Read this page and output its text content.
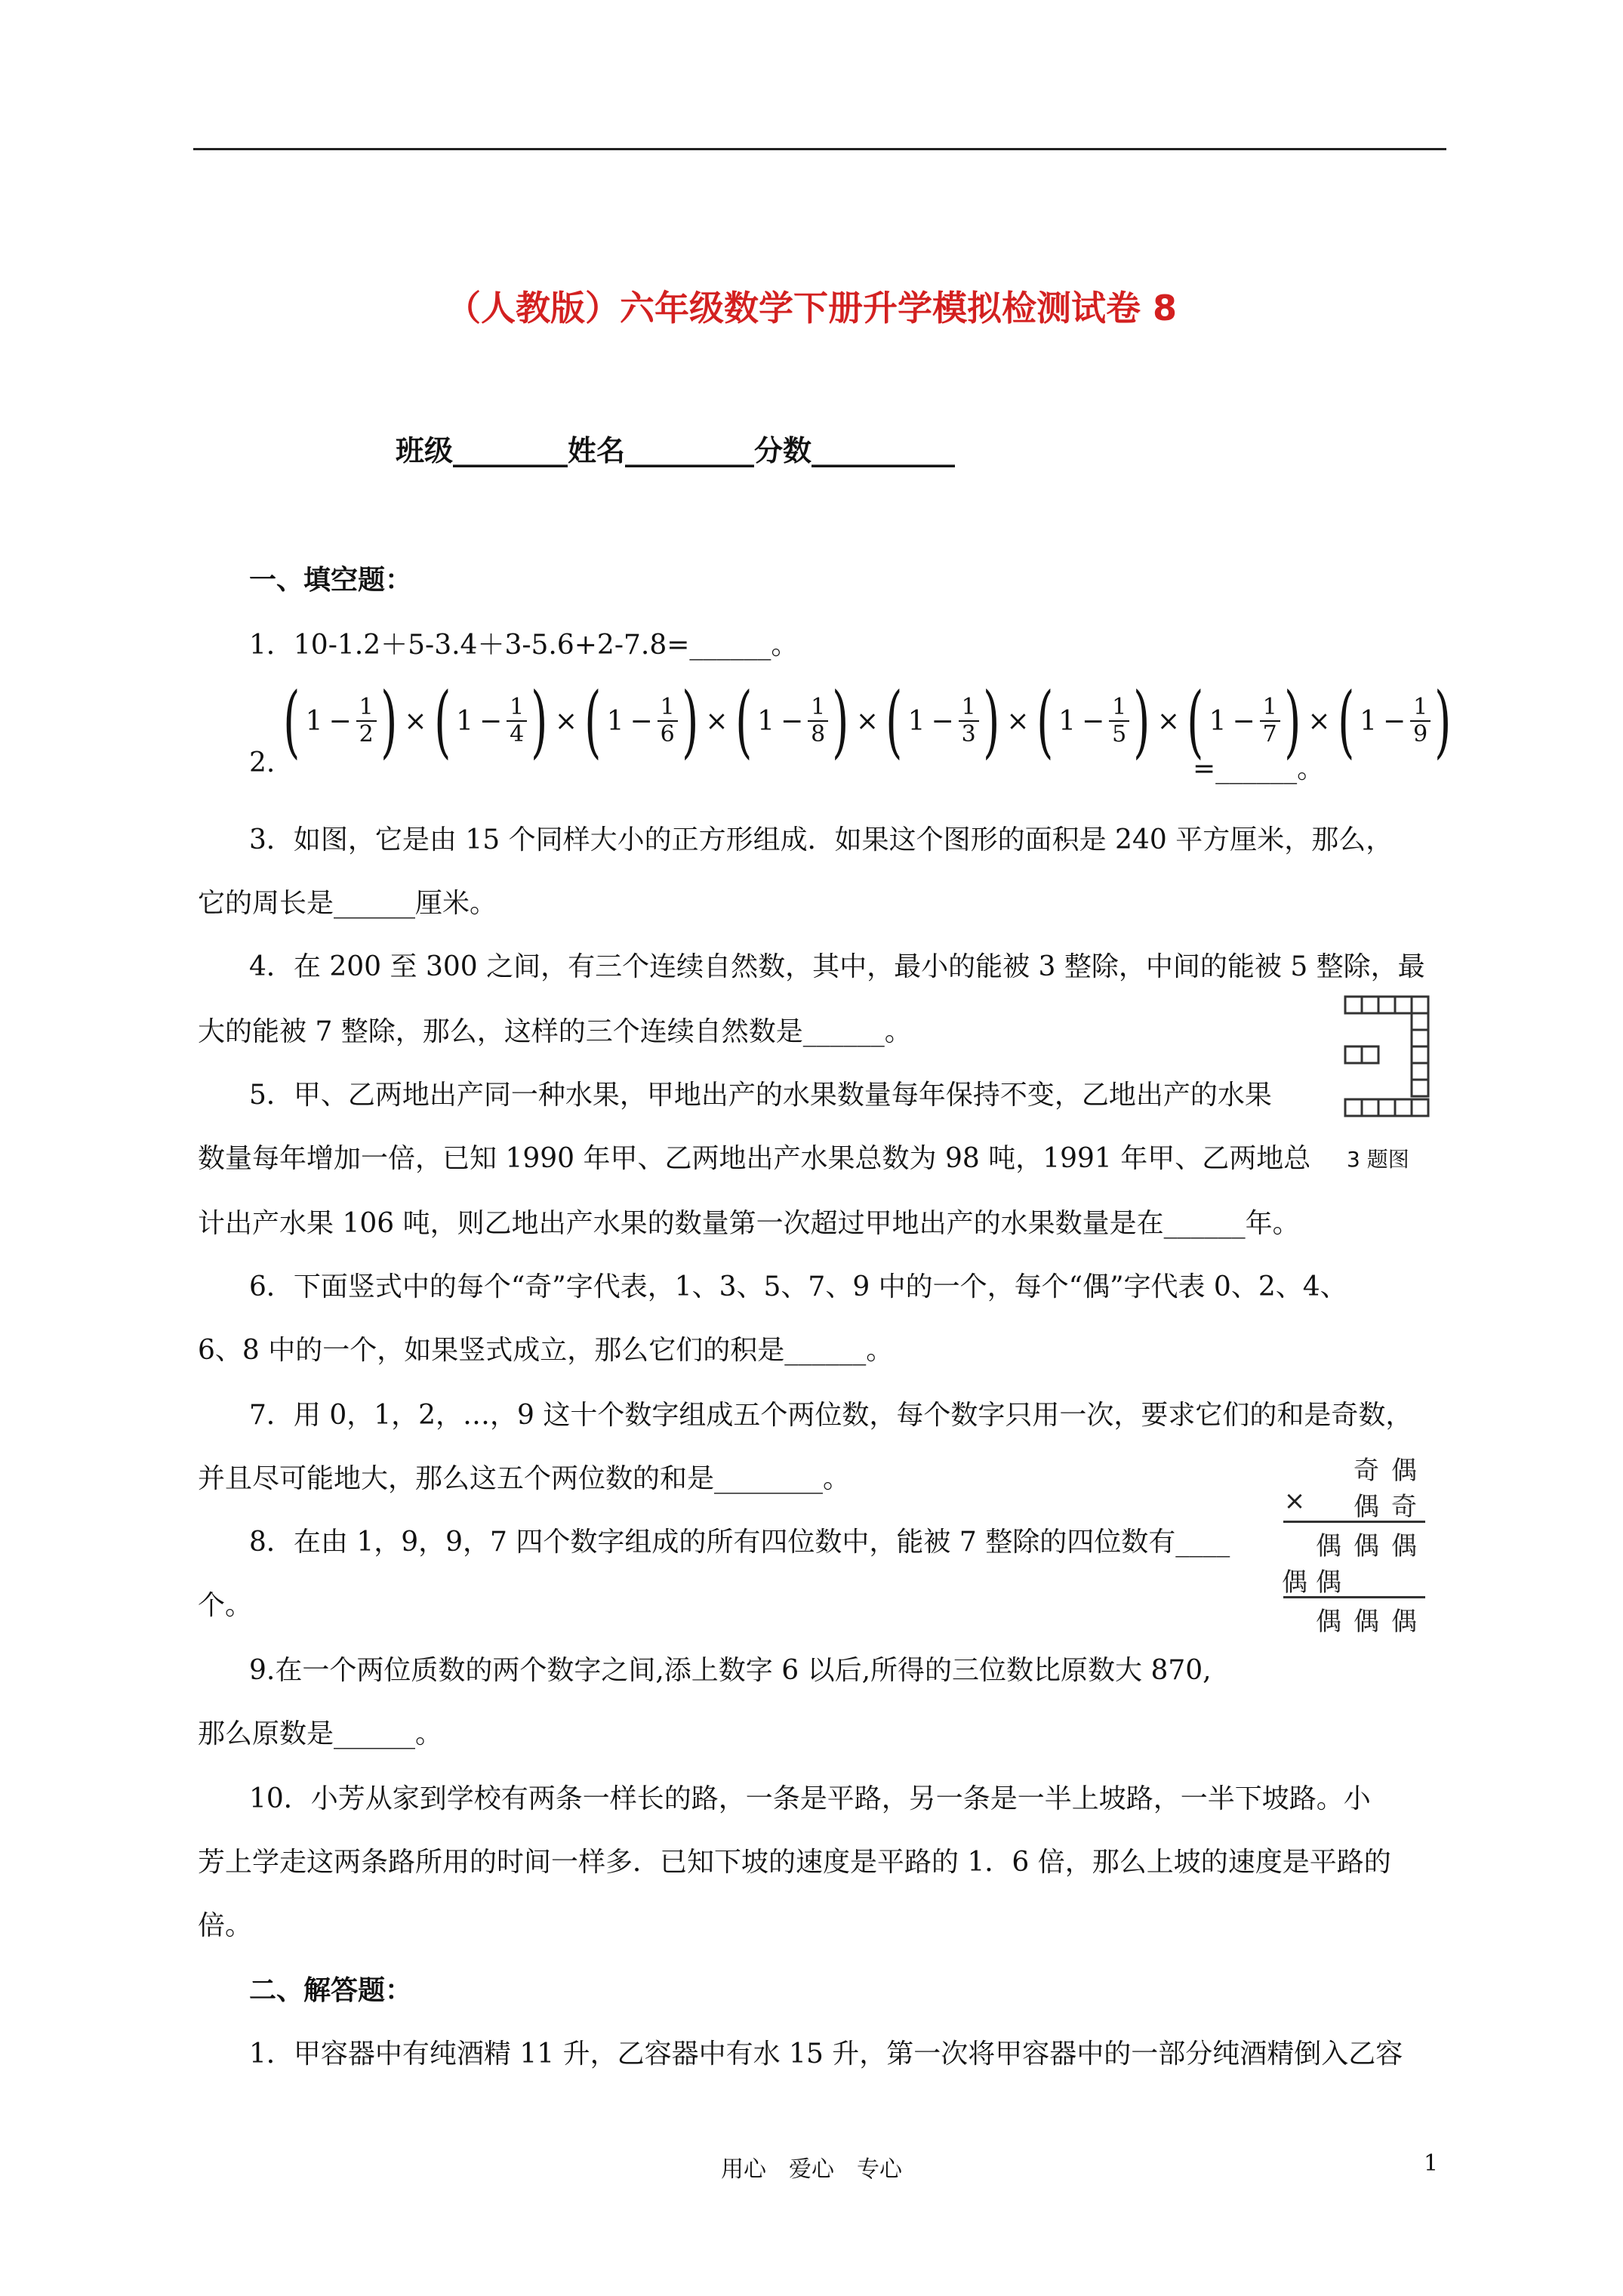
（人教版）六年级数学下册升学模拟检测试卷 8
班级________姓名_________分数__________
一、填空题：
1．10-1.2＋5-3.4＋3-5.6+2-7.8=______。
2. ( $1 - \frac{1}{2}$ ) × ( $1 - \frac{1}{4}$ ) × ( $1 - \frac{1}{6}$ ) × ( $1 - \frac{1}{8}$ ) × ( $1 - \frac{1}{3}$ ) × ( $1 - \frac{1}{5}$ ) × ( $1 - \frac{1}{7}$ ) × ( $1 - \frac{1}{9}$ )
=______。
3．如图，它是由 15 个同样大小的正方形组成．如果这个图形的面积是 240 平方厘米，那么，
它的周长是______厘米。
4．在 200 至 300 之间，有三个连续自然数，其中，最小的能被 3 整除，中间的能被 5 整除，最
大的能被 7 整除，那么，这样的三个连续自然数是______。
3 题图
5．甲、乙两地出产同一种水果，甲地出产的水果数量每年保持不变，乙地出产的水果
数量每年增加一倍，已知 1990 年甲、乙两地出产水果总数为 98 吨，1991 年甲、乙两地总
计出产水果 106 吨，则乙地出产水果的数量第一次超过甲地出产的水果数量是在______年。
6．下面竖式中的每个“奇”字代表，1、3、5、7、9 中的一个，每个“偶”字代表 0、2、4、
6、8 中的一个，如果竖式成立，那么它们的积是______。
7．用 0，1，2，…，9 这十个数字组成五个两位数，每个数字只用一次，要求它们的和是奇数，
并且尽可能地大，那么这五个两位数的和是________。	奇 偶
×	偶 奇
偶 偶 偶
偶 偶
偶 偶 偶
8．在由 1，9，9，7 四个数字组成的所有四位数中，能被 7 整除的四位数有____
个。
9.在一个两位质数的两个数字之间,添上数字 6 以后,所得的三位数比原数大 870,
那么原数是______。
10．小芳从家到学校有两条一样长的路，一条是平路，另一条是一半上坡路，一半下坡路。小
芳上学走这两条路所用的时间一样多．已知下坡的速度是平路的 1．6 倍，那么上坡的速度是平路的
倍。
二、解答题：
1．甲容器中有纯酒精 11 升，乙容器中有水 15 升，第一次将甲容器中的一部分纯酒精倒入乙容
用心　爱心　专心	1
